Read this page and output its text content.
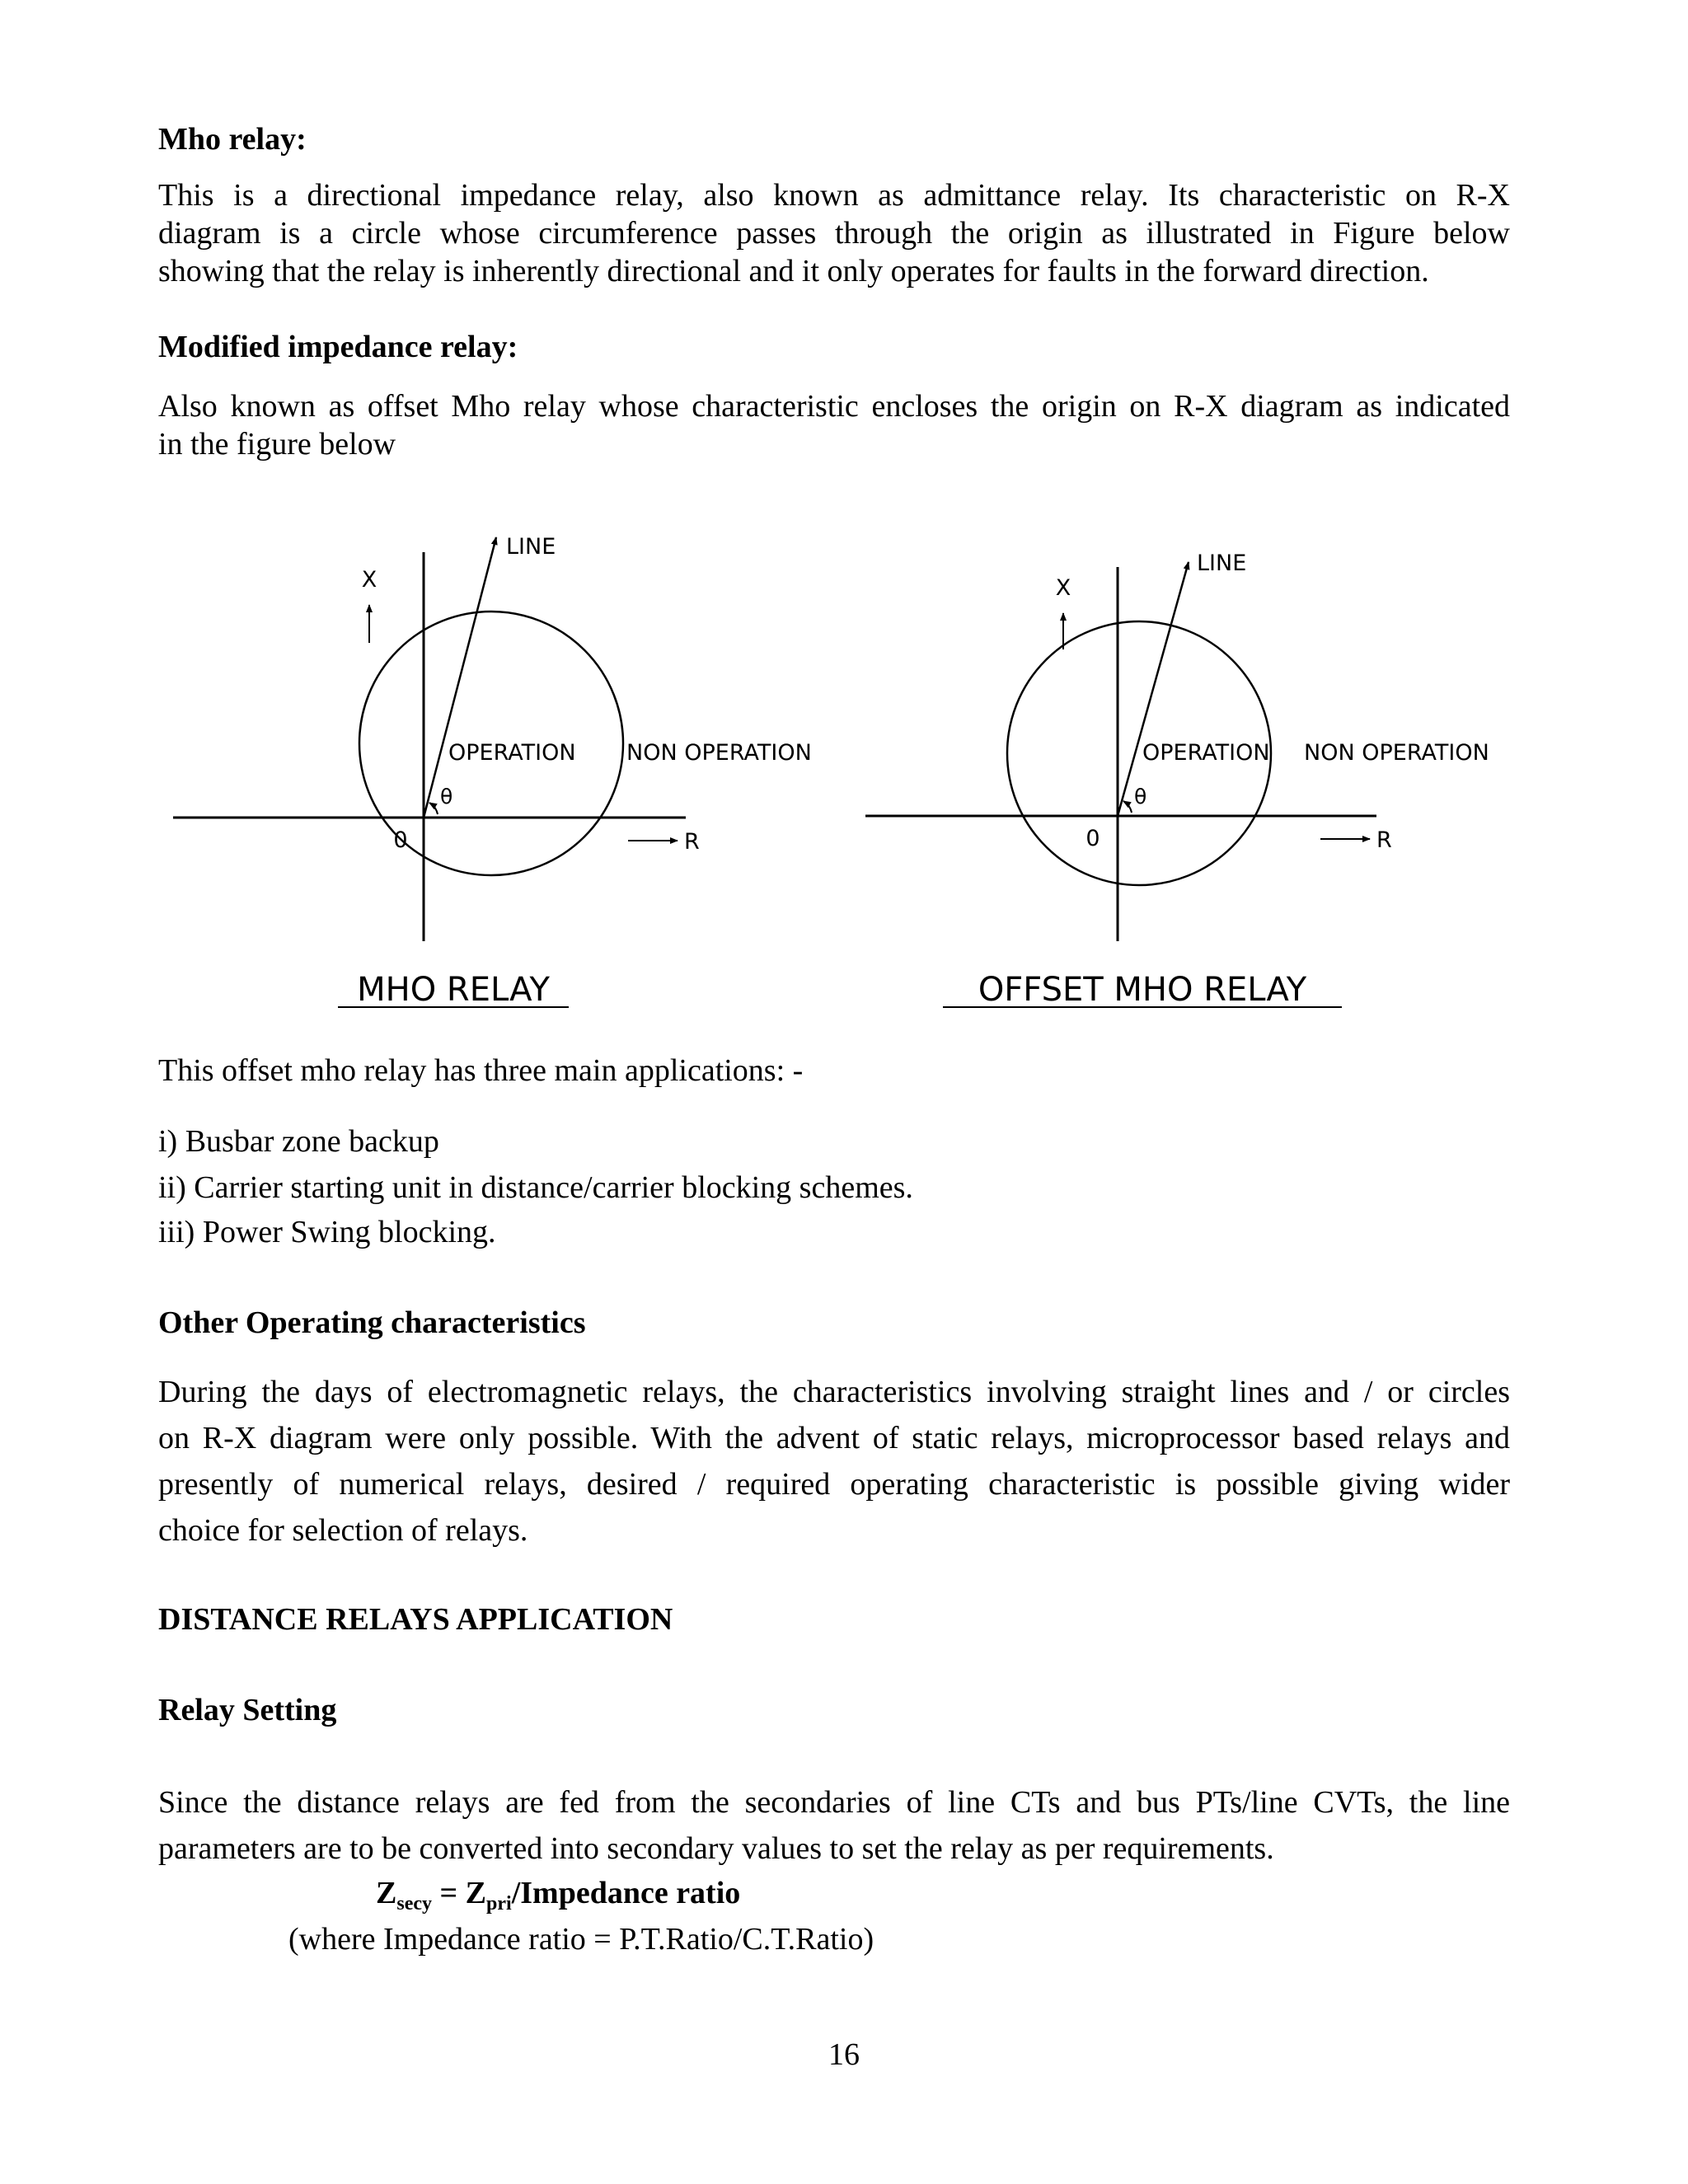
Mho relay:

This is a directional impedance relay, also known as admittance relay. Its characteristic on R-X

diagram is a circle whose circumference passes through the origin as illustrated in Figure below

showing that the relay is inherently directional and it only operates for faults in the forward direction.

Modified impedance relay:

Also known as offset Mho relay whose characteristic encloses the origin on R-X diagram as indicated

in the figure below

LINE
X
OPERATION NON OPERATION
θ
0	R
MHO RELAY
LINE
X
OPERATION NON OPERATION
θ
0	R
OFFSET MHO RELAY

This offset mho relay has three main applications: -

i) Busbar zone backup

ii) Carrier starting unit in distance/carrier blocking schemes.

iii) Power Swing blocking.

Other Operating characteristics

During the days of electromagnetic relays, the characteristics involving straight lines and / or circles

on R-X diagram were only possible. With the advent of static relays, microprocessor based relays and

presently of numerical relays, desired / required operating characteristic is possible giving wider

choice for selection of relays.

DISTANCE RELAYS APPLICATION

Relay Setting

Since the distance relays are fed from the secondaries of line CTs and bus PTs/line CVTs, the line

parameters are to be converted into secondary values to set the relay as per requirements.

$Z_{secy}$ = $Z_{pri}$/Impedance ratio
(where Impedance ratio = P.T.Ratio/C.T.Ratio)
16
